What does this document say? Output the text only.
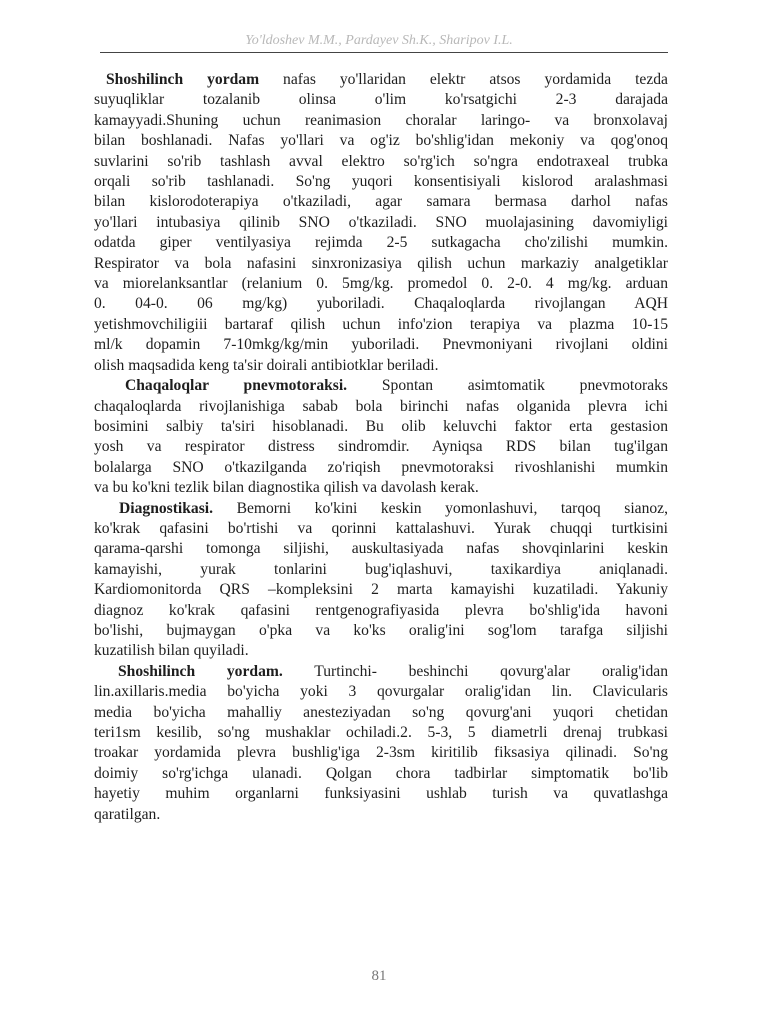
Yo'ldoshev M.M., Pardayev Sh.K., Sharipov I.L.
Shoshilinch yordam nafas yo'llaridan elektr atsos yordamida tezda
suyuqliklar tozalanib olinsa o'lim ko'rsatgichi 2-3 darajada
kamayyadi.Shuning uchun reanimasion choralar laringo- va bronxolavaj
bilan boshlanadi. Nafas yo'llari va og'iz bo'shlig'idan mekoniy va qog'onoq
suvlarini so'rib tashlash avval elektro so'rg'ich so'ngra endotraxeal trubka
orqali so'rib tashlanadi. So'ng yuqori konsentisiyali kislorod aralashmasi
bilan kislorodoterapiya o'tkaziladi, agar samara bermasa darhol nafas
yo'llari intubasiya qilinib SNO o'tkaziladi. SNO muolajasining davomiyligi
odatda giper ventilyasiya rejimda 2-5 sutkagacha cho'zilishi mumkin.
Respirator va bola nafasini sinxronizasiya qilish uchun markaziy analgetiklar
va miorelanksantlar (relanium 0. 5mg/kg. promedol 0. 2-0. 4 mg/kg. arduan
0. 04-0. 06 mg/kg) yuboriladi. Chaqaloqlarda rivojlangan AQH
yetishmovchiligiii bartaraf qilish uchun info'zion terapiya va plazma 10-15
ml/k dopamin 7-10mkg/kg/min yuboriladi. Pnevmoniyani rivojlani oldini
olish maqsadida keng ta'sir doirali antibiotklar beriladi.
Chaqaloqlar pnevmotoraksi. Spontan asimtomatik pnevmotoraks
chaqaloqlarda rivojlanishiga sabab bola birinchi nafas olganida plevra ichi
bosimini salbiy ta'siri hisoblanadi. Bu olib keluvchi faktor erta gestasion
yosh va respirator distress sindromdir. Ayniqsa RDS bilan tug'ilgan
bolalarga SNO o'tkazilganda zo'riqish pnevmotoraksi rivoshlanishi mumkin
va bu ko'kni tezlik bilan diagnostika qilish va davolash kerak.
Diagnostikasi. Bemorni ko'kini keskin yomonlashuvi, tarqoq sianoz,
ko'krak qafasini bo'rtishi va qorinni kattalashuvi. Yurak chuqqi turtkisini
qarama-qarshi tomonga siljishi, auskultasiyada nafas shovqinlarini keskin
kamayishi, yurak tonlarini bug'iqlashuvi, taxikardiya aniqlanadi.
Kardiomonitorda QRS –kompleksini 2 marta kamayishi kuzatiladi. Yakuniy
diagnoz ko'krak qafasini rentgenografiyasida plevra bo'shlig'ida havoni
bo'lishi, bujmaygan o'pka va ko'ks oralig'ini sog'lom tarafga siljishi
kuzatilish bilan quyiladi.
Shoshilinch yordam. Turtinchi- beshinchi qovurg'alar oralig'idan
lin.axillaris.media bo'yicha yoki 3 qovurgalar oralig'idan lin. Clavicularis
media bo'yicha mahalliy anesteziyadan so'ng qovurg'ani yuqori chetidan
teri1sm kesilib, so'ng mushaklar ochiladi.2. 5-3, 5 diametrli drenaj trubkasi
troakar yordamida plevra bushlig'iga 2-3sm kiritilib fiksasiya qilinadi. So'ng
doimiy so'rg'ichga ulanadi. Qolgan chora tadbirlar simptomatik bo'lib
hayetiy muhim organlarni funksiyasini ushlab turish va quvatlashga
qaratilgan.
81
